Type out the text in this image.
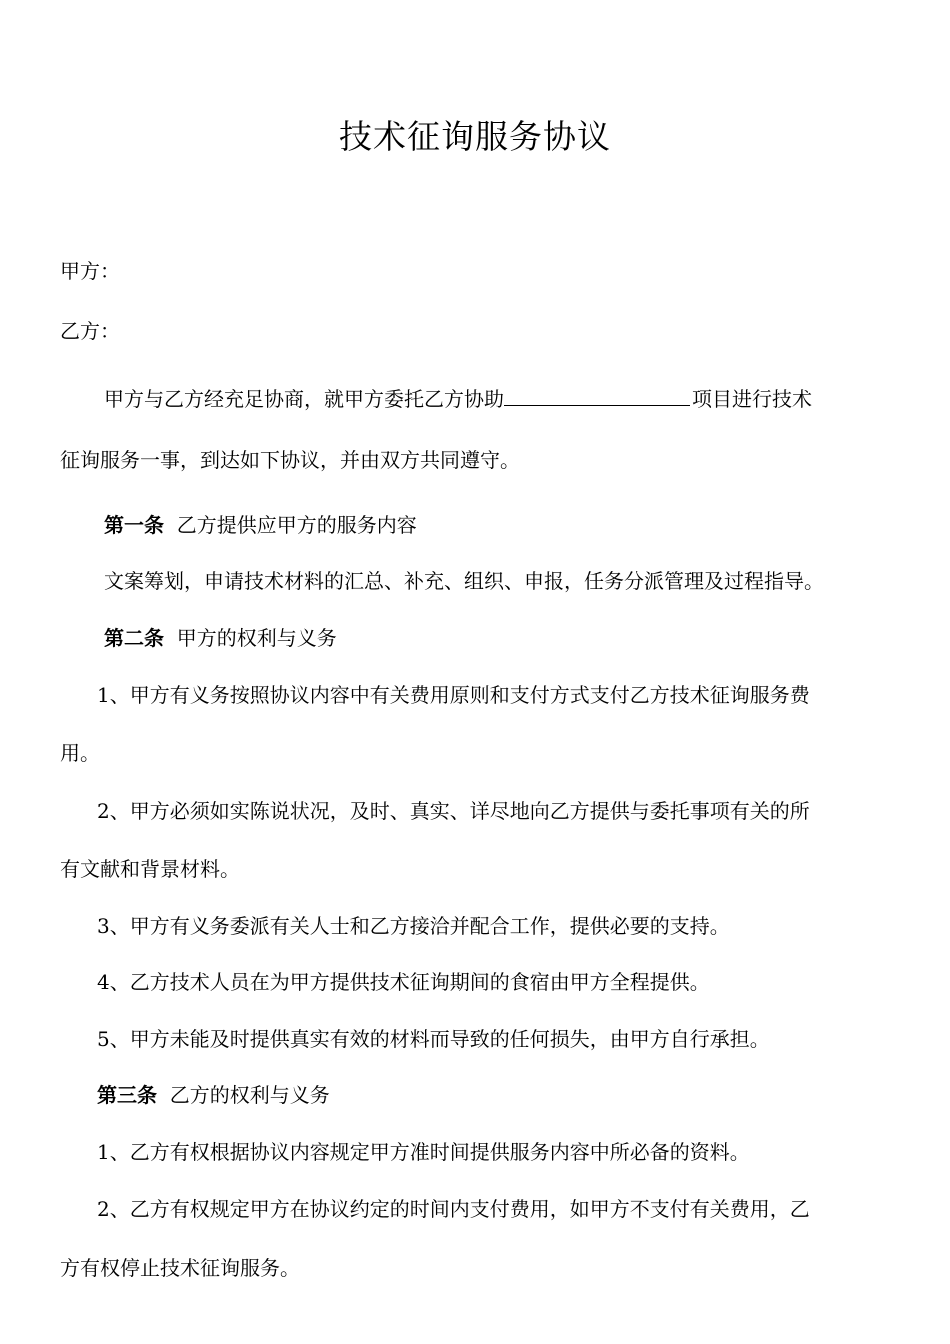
技术征询服务协议
甲方：
乙方：
甲方与乙方经充足协商，就甲方委托乙方协助	项目进行技术
征询服务一事，到达如下协议，并由双方共同遵守。
第一条 乙方提供应甲方的服务内容
文案筹划，申请技术材料的汇总、补充、组织、申报，任务分派管理及过程指导。
第二条 甲方的权利与义务
1、甲方有义务按照协议内容中有关费用原则和支付方式支付乙方技术征询服务费
用。
2、甲方必须如实陈说状况，及时、真实、详尽地向乙方提供与委托事项有关的所
有文献和背景材料。
3、甲方有义务委派有关人士和乙方接洽并配合工作，提供必要的支持。
4、乙方技术人员在为甲方提供技术征询期间的食宿由甲方全程提供。
5、甲方未能及时提供真实有效的材料而导致的任何损失，由甲方自行承担。
第三条 乙方的权利与义务
1、乙方有权根据协议内容规定甲方准时间提供服务内容中所必备的资料。
2、乙方有权规定甲方在协议约定的时间内支付费用，如甲方不支付有关费用，乙
方有权停止技术征询服务。
